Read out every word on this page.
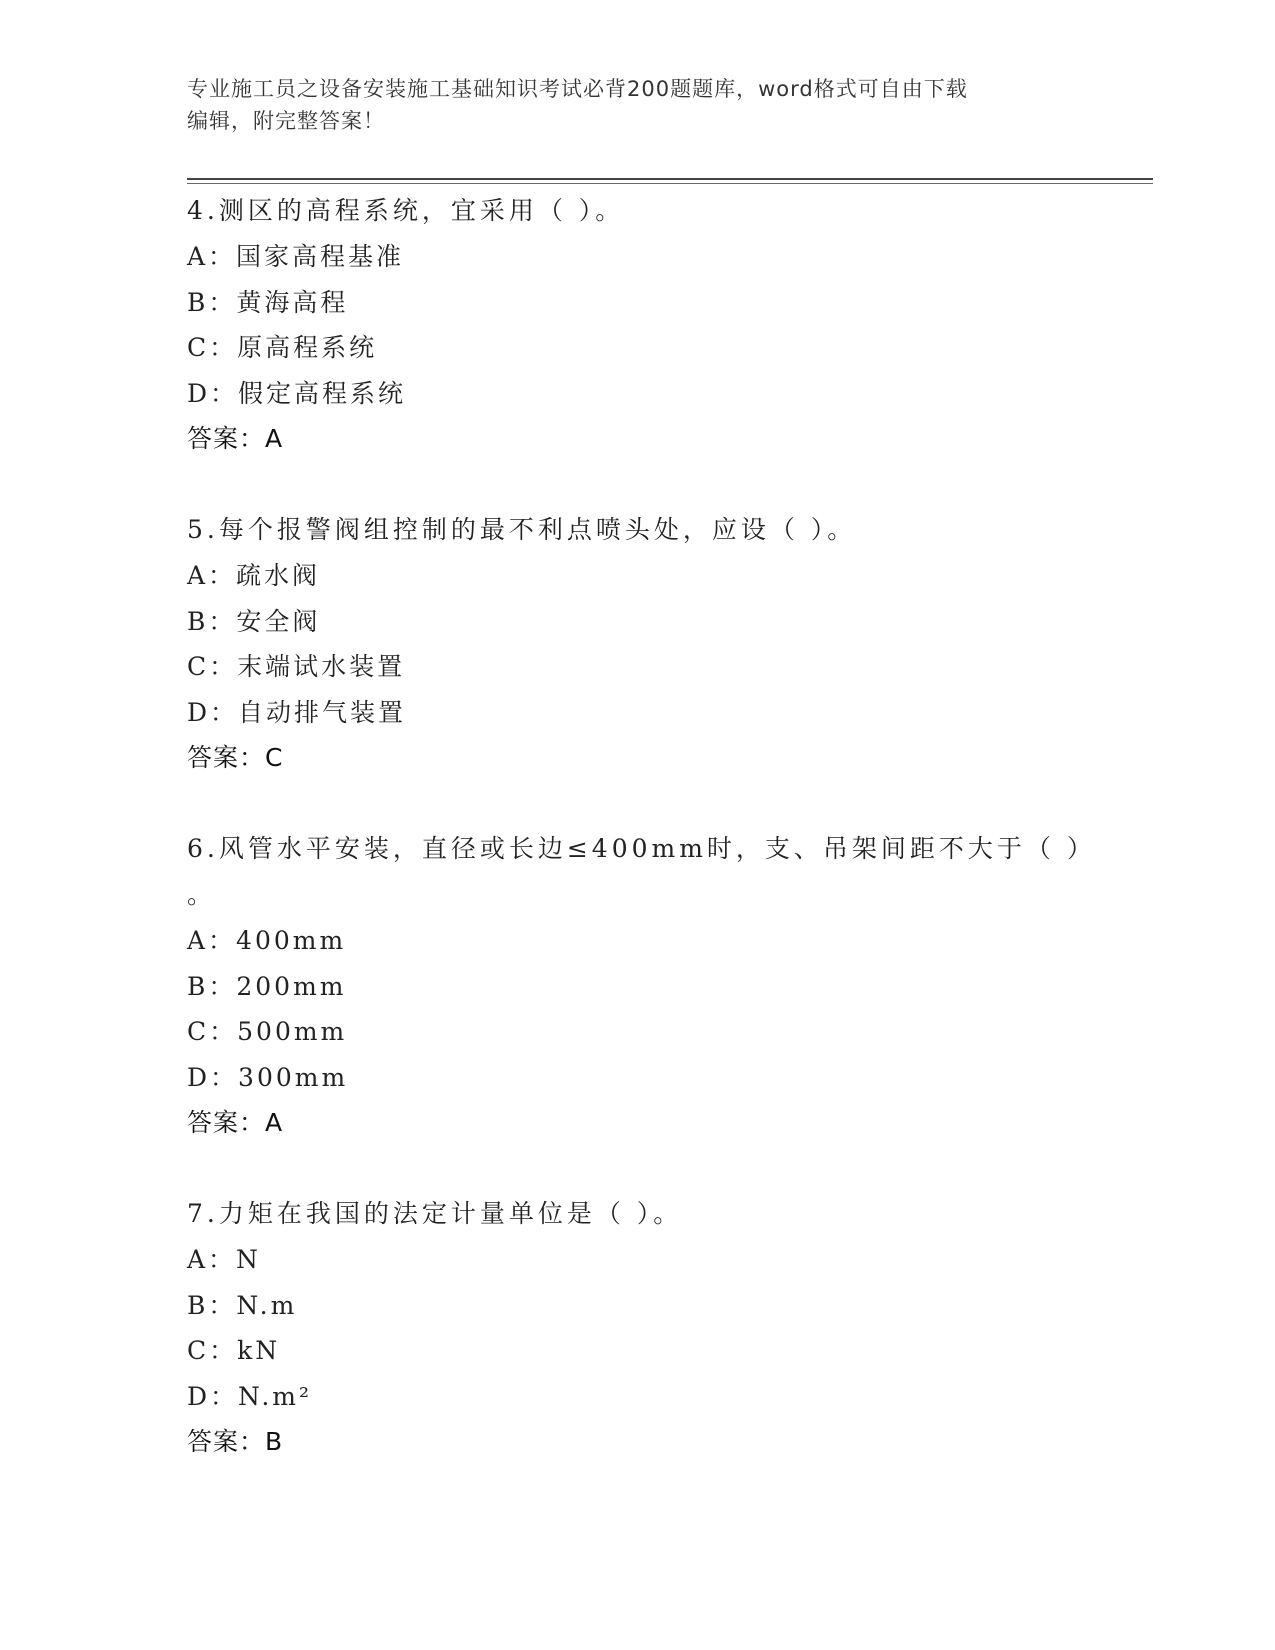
专业施工员之设备安装施工基础知识考试必背200题题库，word格式可自由下载
编辑，附完整答案！
4.测区的高程系统，宜采用（ ）。
A：国家高程基准
B：黄海高程
C：原高程系统
D：假定高程系统
答案：A
5.每个报警阀组控制的最不利点喷头处，应设（ ）。
A：疏水阀
B：安全阀
C：末端试水装置
D：自动排气装置
答案：C
6.风管水平安装，直径或长边≤400mm时，支、吊架间距不大于（ ）
。
A：400mm
B：200mm
C：500mm
D：300mm
答案：A
7.力矩在我国的法定计量单位是（ ）。
A：N
B：N.m
C：kN
D：N.m²
答案：B
